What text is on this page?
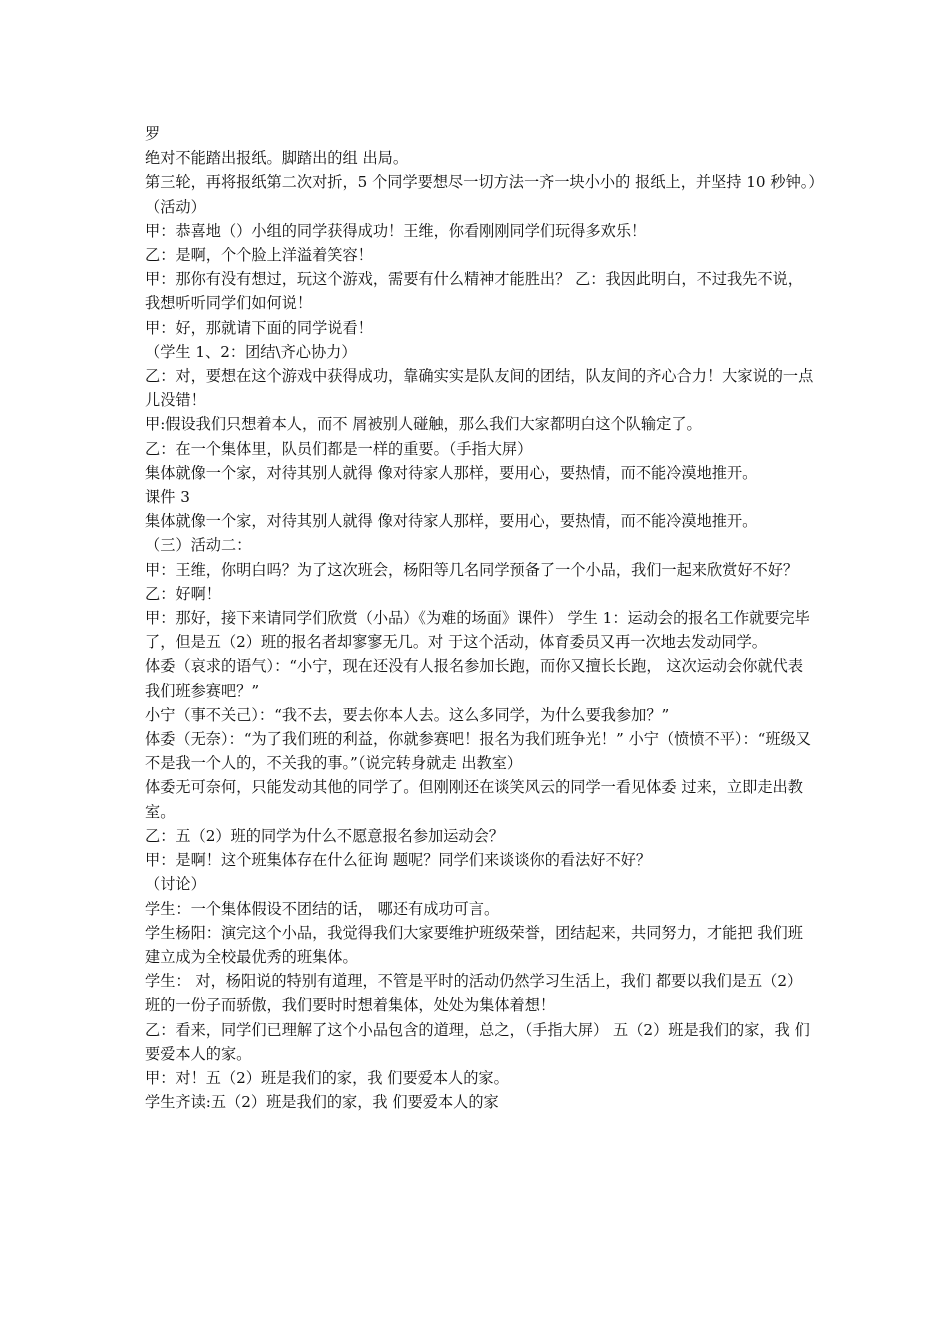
罗

绝对不能踏出报纸。脚踏出的组 出局。

第三轮，再将报纸第二次对折，5 个同学要想尽一切方法一齐一块小小的 报纸上，并坚持 10 秒钟。）

（活动）

甲：恭喜地（）小组的同学获得成功！王维，你看刚刚同学们玩得多欢乐！

乙：是啊，个个脸上洋溢着笑容！

甲：那你有没有想过，玩这个游戏，需要有什么精神才能胜出？ 乙：我因此明白，不过我先不说，我想听听同学们如何说！

甲：好，那就请下面的同学说看！

（学生 1、2：团结\齐心协力）

乙：对，要想在这个游戏中获得成功，靠确实实是队友间的团结，队友间的齐心合力！大家说的一点儿没错！

甲:假设我们只想着本人，而不 屑被别人碰触，那么我们大家都明白这个队输定了。

乙：在一个集体里，队员们都是一样的重要。（手指大屏）

集体就像一个家，对待其别人就得 像对待家人那样，要用心，要热情，而不能冷漠地推开。

课件 3

集体就像一个家，对待其别人就得 像对待家人那样，要用心，要热情，而不能冷漠地推开。

（三）活动二：

甲：王维，你明白吗？为了这次班会，杨阳等几名同学预备了一个小品，我们一起来欣赏好不好？

乙：好啊！

甲：那好，接下来请同学们欣赏（小品）《为难的场面》课件） 学生 1：运动会的报名工作就要完毕了，但是五（2）班的报名者却寥寥无几。对 于这个活动，体育委员又再一次地去发动同学。

体委（哀求的语气）：“小宁，现在还没有人报名参加长跑，而你又擅长长跑， 这次运动会你就代表我们班参赛吧？”

小宁（事不关己）：“我不去，要去你本人去。这么多同学，为什么要我参加？”

体委（无奈）：“为了我们班的利益，你就参赛吧！报名为我们班争光！” 小宁（愤愤不平）：“班级又不是我一个人的，不关我的事。”（说完转身就走 出教室）

体委无可奈何，只能发动其他的同学了。但刚刚还在谈笑风云的同学一看见体委 过来，立即走出教室。

乙：五（2）班的同学为什么不愿意报名参加运动会？

甲：是啊！这个班集体存在什么征询 题呢？同学们来谈谈你的看法好不好？

（讨论）

学生：一个集体假设不团结的话， 哪还有成功可言。

学生杨阳：演完这个小品，我觉得我们大家要维护班级荣誉，团结起来，共同努力，才能把 我们班建立成为全校最优秀的班集体。

学生： 对，杨阳说的特别有道理，不管是平时的活动仍然学习生活上，我们 都要以我们是五（2）班的一份子而骄傲，我们要时时想着集体，处处为集体着想！

乙：看来，同学们已理解了这个小品包含的道理，总之，（手指大屏） 五（2）班是我们的家，我 们要爱本人的家。

甲：对！五（2）班是我们的家，我 们要爱本人的家。

学生齐读:五（2）班是我们的家，我 们要爱本人的家
